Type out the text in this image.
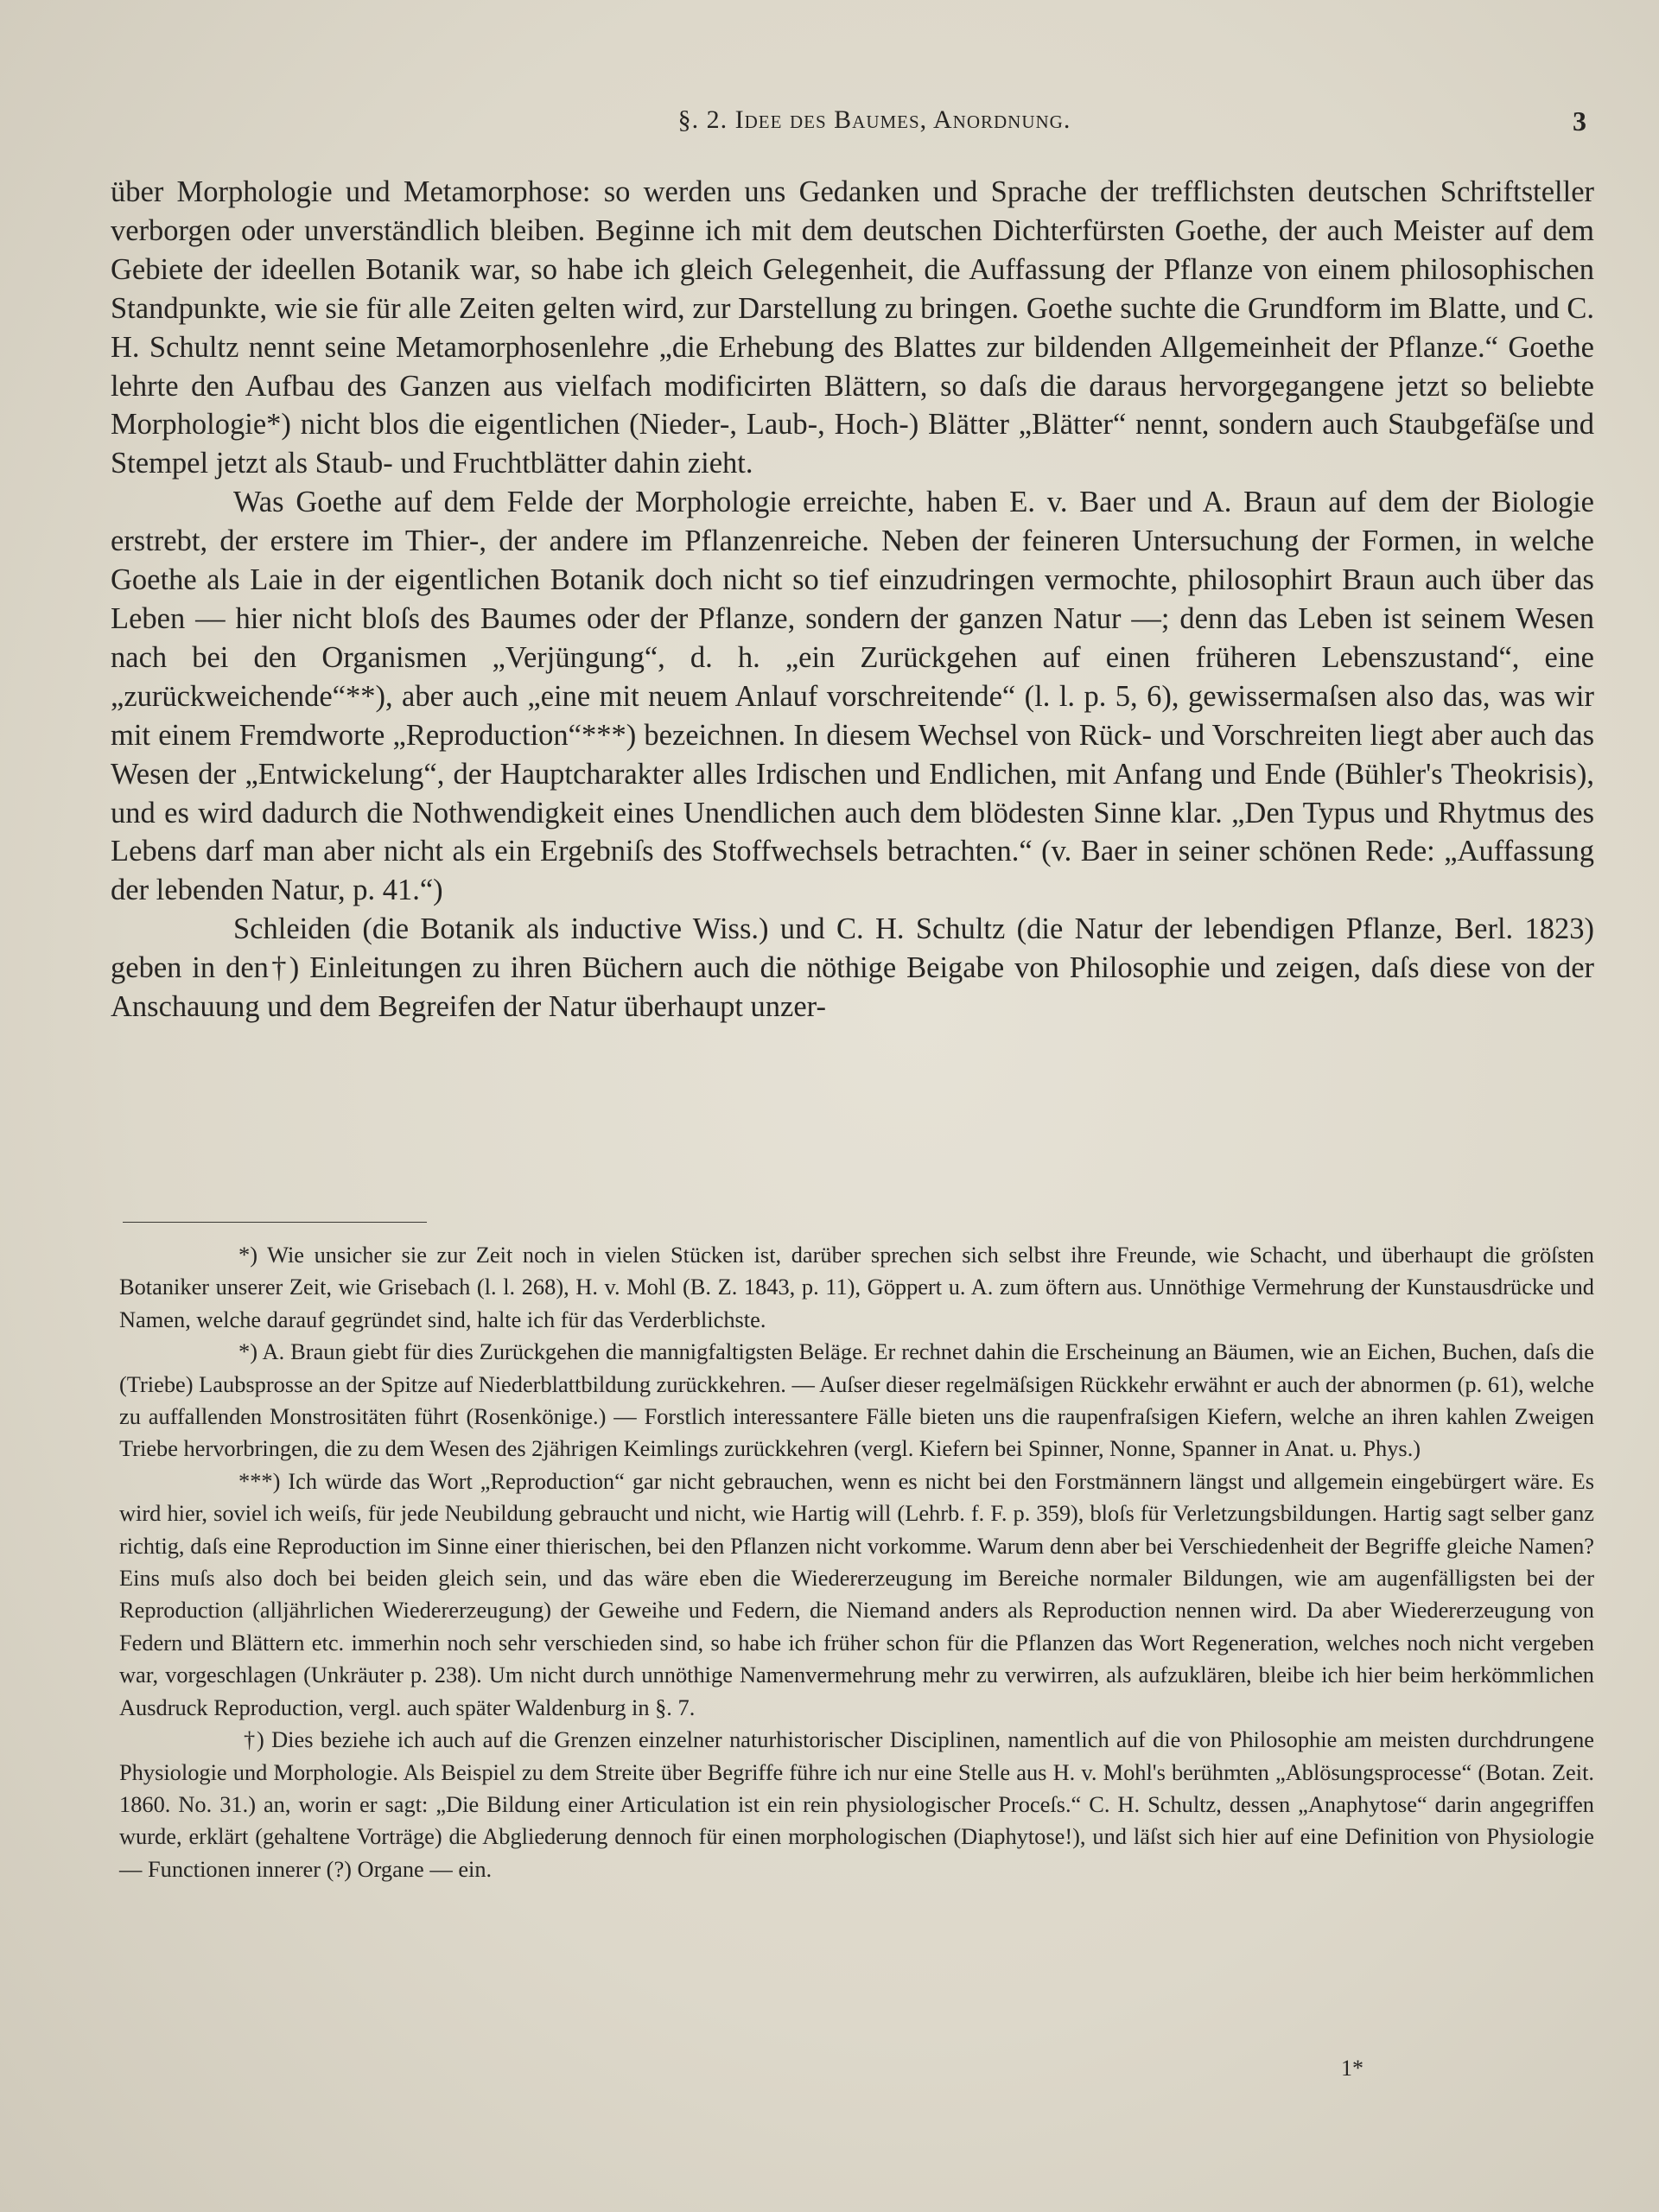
§. 2. Idee des Baumes, Anordnung.	3

über Morphologie und Metamorphose: so werden uns Gedanken und Sprache der trefflichsten deutschen Schriftsteller verborgen oder unverständlich bleiben. Beginne ich mit dem deutschen Dichterfürsten Goethe, der auch Meister auf dem Gebiete der ideellen Botanik war, so habe ich gleich Gelegenheit, die Auffassung der Pflanze von einem philosophischen Standpunkte, wie sie für alle Zeiten gelten wird, zur Darstellung zu bringen. Goethe suchte die Grundform im Blatte, und C. H. Schultz nennt seine Metamorphosenlehre „die Erhebung des Blattes zur bildenden Allgemeinheit der Pflanze.“ Goethe lehrte den Aufbau des Ganzen aus vielfach modificirten Blättern, so daſs die daraus hervorgegangene jetzt so beliebte Morphologie*) nicht blos die eigentlichen (Nieder-, Laub-, Hoch-) Blätter „Blätter“ nennt, sondern auch Staubgefäſse und Stempel jetzt als Staub- und Fruchtblätter dahin zieht.

Was Goethe auf dem Felde der Morphologie erreichte, haben E. v. Baer und A. Braun auf dem der Biologie erstrebt, der erstere im Thier-, der andere im Pflanzenreiche. Neben der feineren Untersuchung der Formen, in welche Goethe als Laie in der eigentlichen Botanik doch nicht so tief einzudringen vermochte, philosophirt Braun auch über das Leben — hier nicht bloſs des Baumes oder der Pflanze, sondern der ganzen Natur —; denn das Leben ist seinem Wesen nach bei den Organismen „Verjüngung“, d. h. „ein Zurückgehen auf einen früheren Lebenszustand“, eine „zurückweichende“**), aber auch „eine mit neuem Anlauf vorschreitende“ (l. l. p. 5, 6), gewissermaſsen also das, was wir mit einem Fremdworte „Reproduction“***) bezeichnen. In diesem Wechsel von Rück- und Vorschreiten liegt aber auch das Wesen der „Entwickelung“, der Hauptcharakter alles Irdischen und Endlichen, mit Anfang und Ende (Bühler's Theokrisis), und es wird dadurch die Nothwendigkeit eines Unendlichen auch dem blödesten Sinne klar. „Den Typus und Rhytmus des Lebens darf man aber nicht als ein Ergebniſs des Stoffwechsels betrachten.“ (v. Baer in seiner schönen Rede: „Auffassung der lebenden Natur, p. 41.“)

Schleiden (die Botanik als inductive Wiss.) und C. H. Schultz (die Natur der lebendigen Pflanze, Berl. 1823) geben in den†) Einleitungen zu ihren Büchern auch die nöthige Beigabe von Philosophie und zeigen, daſs diese von der Anschauung und dem Begreifen der Natur überhaupt unzer-

*) Wie unsicher sie zur Zeit noch in vielen Stücken ist, darüber sprechen sich selbst ihre Freunde, wie Schacht, und überhaupt die gröſsten Botaniker unserer Zeit, wie Grisebach (l. l. 268), H. v. Mohl (B. Z. 1843, p. 11), Göppert u. A. zum öftern aus. Unnöthige Vermehrung der Kunstausdrücke und Namen, welche darauf gegründet sind, halte ich für das Verderblichste.

*) A. Braun giebt für dies Zurückgehen die mannigfaltigsten Beläge. Er rechnet dahin die Erscheinung an Bäumen, wie an Eichen, Buchen, daſs die (Triebe) Laubsprosse an der Spitze auf Niederblattbildung zurückkehren. — Auſser dieser regelmäſsigen Rückkehr erwähnt er auch der abnormen (p. 61), welche zu auffallenden Monstrositäten führt (Rosenkönige.) — Forstlich interessantere Fälle bieten uns die raupenfraſsigen Kiefern, welche an ihren kahlen Zweigen Triebe hervorbringen, die zu dem Wesen des 2jährigen Keimlings zurückkehren (vergl. Kiefern bei Spinner, Nonne, Spanner in Anat. u. Phys.)

***) Ich würde das Wort „Reproduction“ gar nicht gebrauchen, wenn es nicht bei den Forstmännern längst und allgemein eingebürgert wäre. Es wird hier, soviel ich weiſs, für jede Neubildung gebraucht und nicht, wie Hartig will (Lehrb. f. F. p. 359), bloſs für Verletzungsbildungen. Hartig sagt selber ganz richtig, daſs eine Reproduction im Sinne einer thierischen, bei den Pflanzen nicht vorkomme. Warum denn aber bei Verschiedenheit der Begriffe gleiche Namen? Eins muſs also doch bei beiden gleich sein, und das wäre eben die Wiedererzeugung im Bereiche normaler Bildungen, wie am augenfälligsten bei der Reproduction (alljährlichen Wiedererzeugung) der Geweihe und Federn, die Niemand anders als Reproduction nennen wird. Da aber Wiedererzeugung von Federn und Blättern etc. immerhin noch sehr verschieden sind, so habe ich früher schon für die Pflanzen das Wort Regeneration, welches noch nicht vergeben war, vorgeschlagen (Unkräuter p. 238). Um nicht durch unnöthige Namenvermehrung mehr zu verwirren, als aufzuklären, bleibe ich hier beim herkömmlichen Ausdruck Reproduction, vergl. auch später Waldenburg in §. 7.

†) Dies beziehe ich auch auf die Grenzen einzelner naturhistorischer Disciplinen, namentlich auf die von Philosophie am meisten durchdrungene Physiologie und Morphologie. Als Beispiel zu dem Streite über Begriffe führe ich nur eine Stelle aus H. v. Mohl's berühmten „Ablösungsprocesse“ (Botan. Zeit. 1860. No. 31.) an, worin er sagt: „Die Bildung einer Articulation ist ein rein physiologischer Proceſs.“ C. H. Schultz, dessen „Anaphytose“ darin angegriffen wurde, erklärt (gehaltene Vorträge) die Abgliederung dennoch für einen morphologischen (Diaphytose!), und läſst sich hier auf eine Definition von Physiologie — Functionen innerer (?) Organe — ein.

1*
